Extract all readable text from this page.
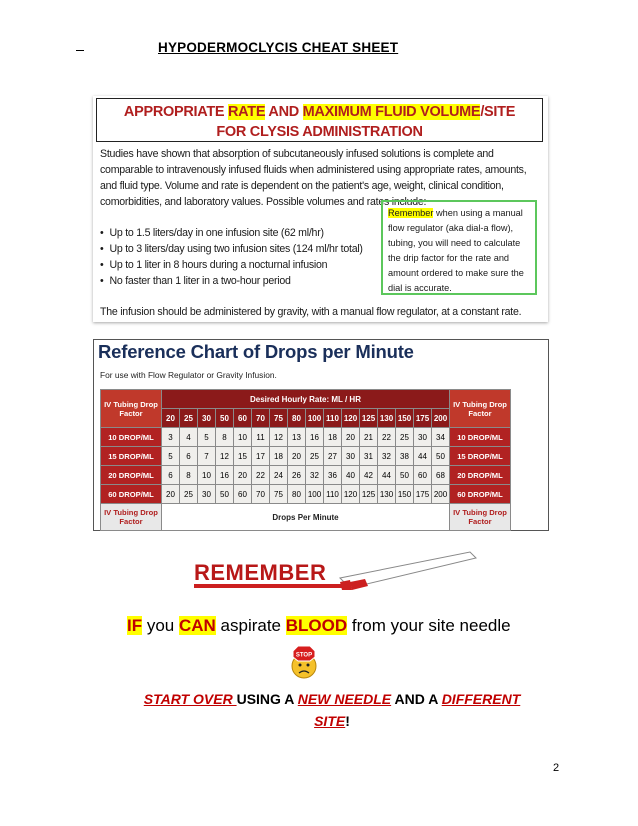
HYPODERMOCLYCIS CHEAT SHEET
APPROPRIATE RATE AND MAXIMUM FLUID VOLUME/SITE
FOR CLYSIS ADMINISTRATION
Studies have shown that absorption of subcutaneously infused solutions is complete and comparable to intravenously infused fluids when administered using appropriate rates, amounts, and fluid type. Volume and rate is dependent on the patient's age, weight, clinical condition, comorbidities, and laboratory values. Possible volumes and rates include:
• Up to 1.5 liters/day in one infusion site (62 ml/hr)
• Up to 3 liters/day using two infusion sites (124 ml/hr total)
• Up to 1 liter in 8 hours during a nocturnal infusion
• No faster than 1 liter in a two-hour period
Remember when using a manual flow regulator (aka dial-a flow), tubing, you will need to calculate the drip factor for the rate and amount ordered to make sure the dial is accurate.
The infusion should be administered by gravity, with a manual flow regulator, at a constant rate.
Reference Chart of Drops per Minute
For use with Flow Regulator or Gravity Infusion.
IV Tubing Drop Factor	Desired Hourly Rate: ML / HR																IV Tubing Drop Factor
	20	25	30	50	60	70	75	80	100	110	120	125	130	150	175	200	
10 DROP/ML	3	4	5	8	10	11	12	13	16	18	20	21	22	25	30	34	10 DROP/ML
15 DROP/ML	5	6	7	12	15	17	18	20	25	27	30	31	32	38	44	50	15 DROP/ML
20 DROP/ML	6	8	10	16	20	22	24	26	32	36	40	42	44	50	60	68	20 DROP/ML
60 DROP/ML	20	25	30	50	60	70	75	80	100	110	120	125	130	150	175	200	60 DROP/ML
IV Tubing Drop Factor	Drops Per Minute																IV Tubing Drop Factor
REMEMBER
IF you CAN aspirate BLOOD from your site needle
STOP
START OVER USING A NEW NEEDLE AND A DIFFERENT
SITE!
2
